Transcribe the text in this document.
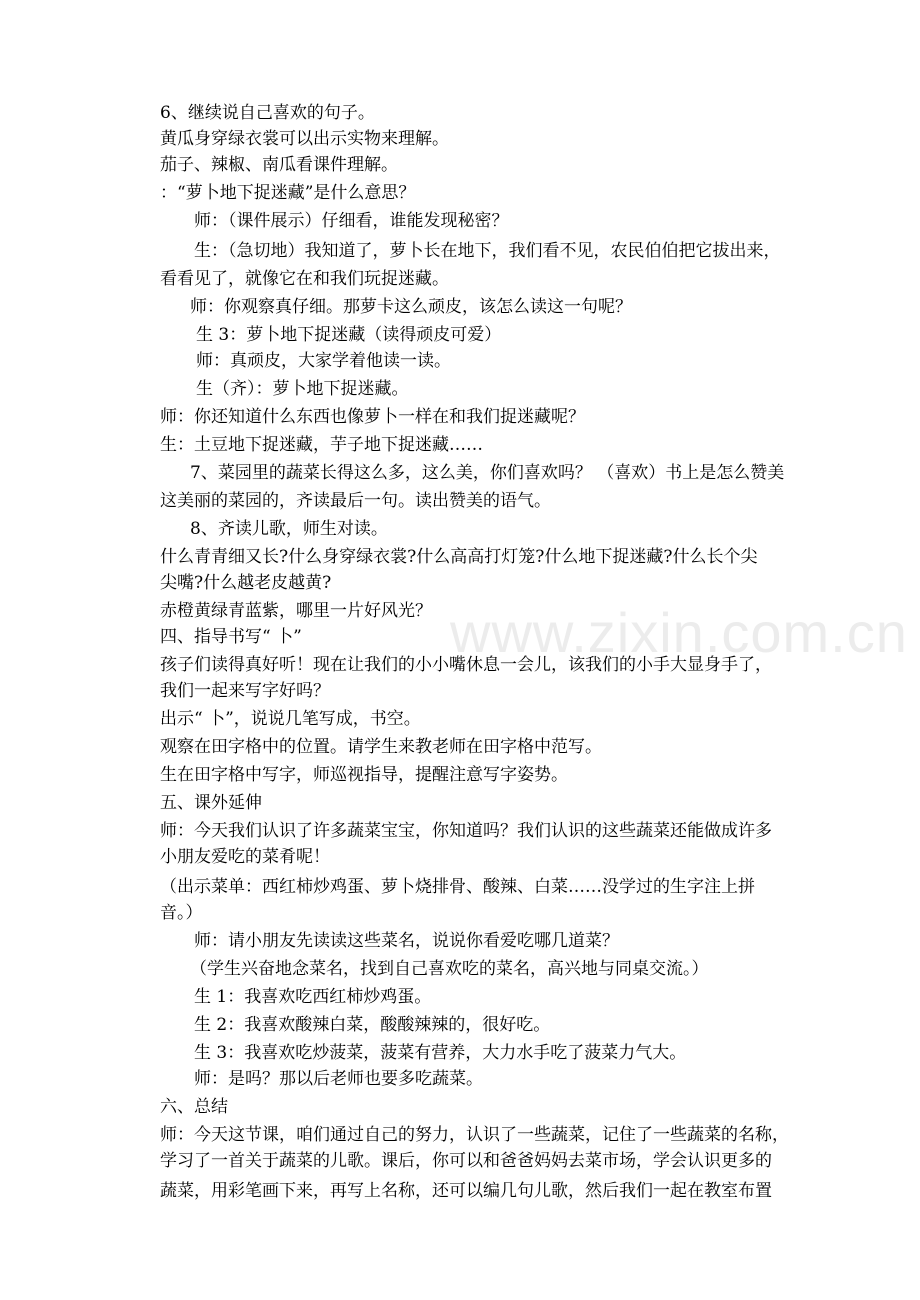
www.zixin.com.cn
6、继续说自己喜欢的句子。
黄瓜身穿绿衣裳可以出示实物来理解。
茄子、辣椒、南瓜看课件理解。
：“萝卜地下捉迷藏”是什么意思？
师：（课件展示）仔细看，谁能发现秘密？
生：（急切地）我知道了，萝卜长在地下，我们看不见，农民伯伯把它拔出来，
看看见了，就像它在和我们玩捉迷藏。
师：你观察真仔细。那萝卡这么顽皮，该怎么读这一句呢？
生 3：萝卜地下捉迷藏（读得顽皮可爱）
师：真顽皮，大家学着他读一读。
生（齐）：萝卜地下捉迷藏。
师：你还知道什么东西也像萝卜一样在和我们捉迷藏呢？
生：土豆地下捉迷藏，芋子地下捉迷藏……
7、菜园里的蔬菜长得这么多，这么美，你们喜欢吗？ （喜欢）书上是怎么赞美
这美丽的菜园的，齐读最后一句。读出赞美的语气。
8、齐读儿歌，师生对读。
什么青青细又长?什么身穿绿衣裳?什么高高打灯笼?什么地下捉迷藏?什么长个尖
尖嘴?什么越老皮越黄?
赤橙黄绿青蓝紫，哪里一片好风光？
四、指导书写“ 卜”
孩子们读得真好听！现在让我们的小小嘴休息一会儿，该我们的小手大显身手了，
我们一起来写字好吗？
出示“ 卜”，说说几笔写成，书空。
观察在田字格中的位置。请学生来教老师在田字格中范写。
生在田字格中写字，师巡视指导，提醒注意写字姿势。
五、课外延伸
师：今天我们认识了许多蔬菜宝宝，你知道吗？我们认识的这些蔬菜还能做成许多
小朋友爱吃的菜肴呢！
（出示菜单：西红柿炒鸡蛋、萝卜烧排骨、酸辣、白菜……没学过的生字注上拼
音。）
师：请小朋友先读读这些菜名，说说你看爱吃哪几道菜？
（学生兴奋地念菜名，找到自己喜欢吃的菜名，高兴地与同桌交流。）
生 1：我喜欢吃西红柿炒鸡蛋。
生 2：我喜欢酸辣白菜，酸酸辣辣的，很好吃。
生 3：我喜欢吃炒菠菜，菠菜有营养，大力水手吃了菠菜力气大。
师：是吗？那以后老师也要多吃蔬菜。
六、总结
师：今天这节课，咱们通过自己的努力，认识了一些蔬菜，记住了一些蔬菜的名称，
学习了一首关于蔬菜的儿歌。课后，你可以和爸爸妈妈去菜市场，学会认识更多的
蔬菜，用彩笔画下来，再写上名称，还可以编几句儿歌，然后我们一起在教室布置
